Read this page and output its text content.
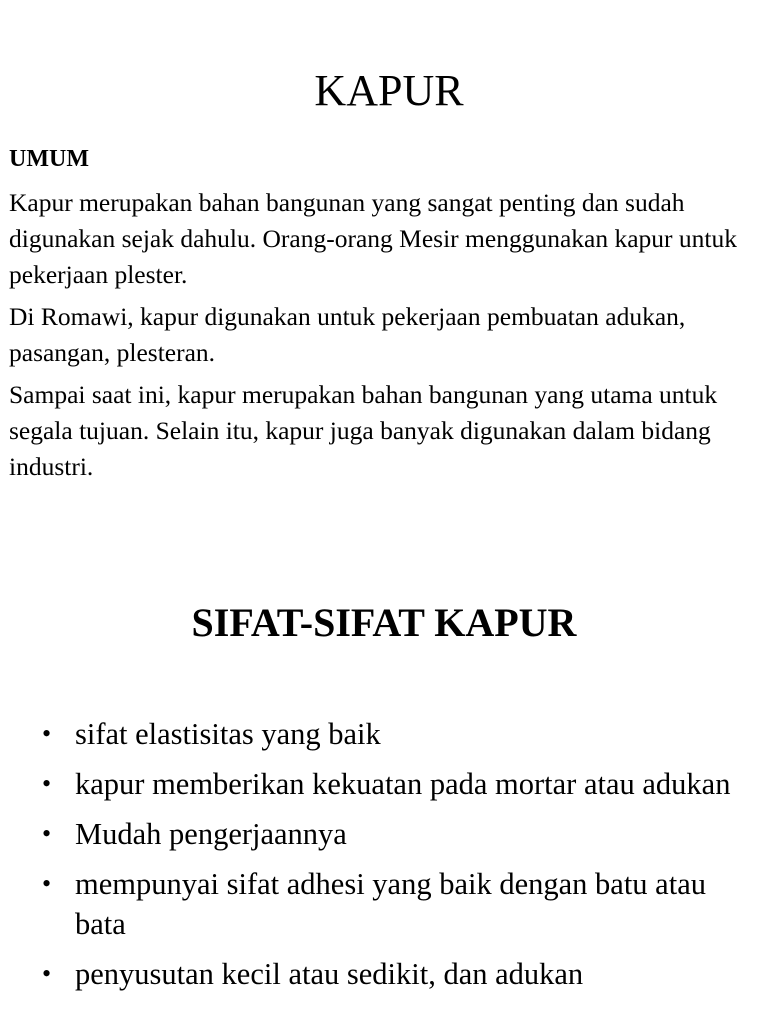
KAPUR
UMUM

Kapur merupakan bahan bangunan yang sangat penting dan sudah digunakan sejak dahulu. Orang-orang Mesir menggunakan kapur untuk pekerjaan plester.

Di Romawi, kapur digunakan untuk pekerjaan pembuatan adukan, pasangan, plesteran.

Sampai saat ini, kapur merupakan bahan bangunan yang utama untuk segala tujuan. Selain itu, kapur juga banyak digunakan dalam bidang industri.

SIFAT-SIFAT KAPUR
• sifat elastisitas yang baik
• kapur memberikan kekuatan pada mortar atau adukan
• Mudah pengerjaannya
• mempunyai sifat adhesi yang baik dengan batu atau bata
• penyusutan kecil atau sedikit, dan adukan
